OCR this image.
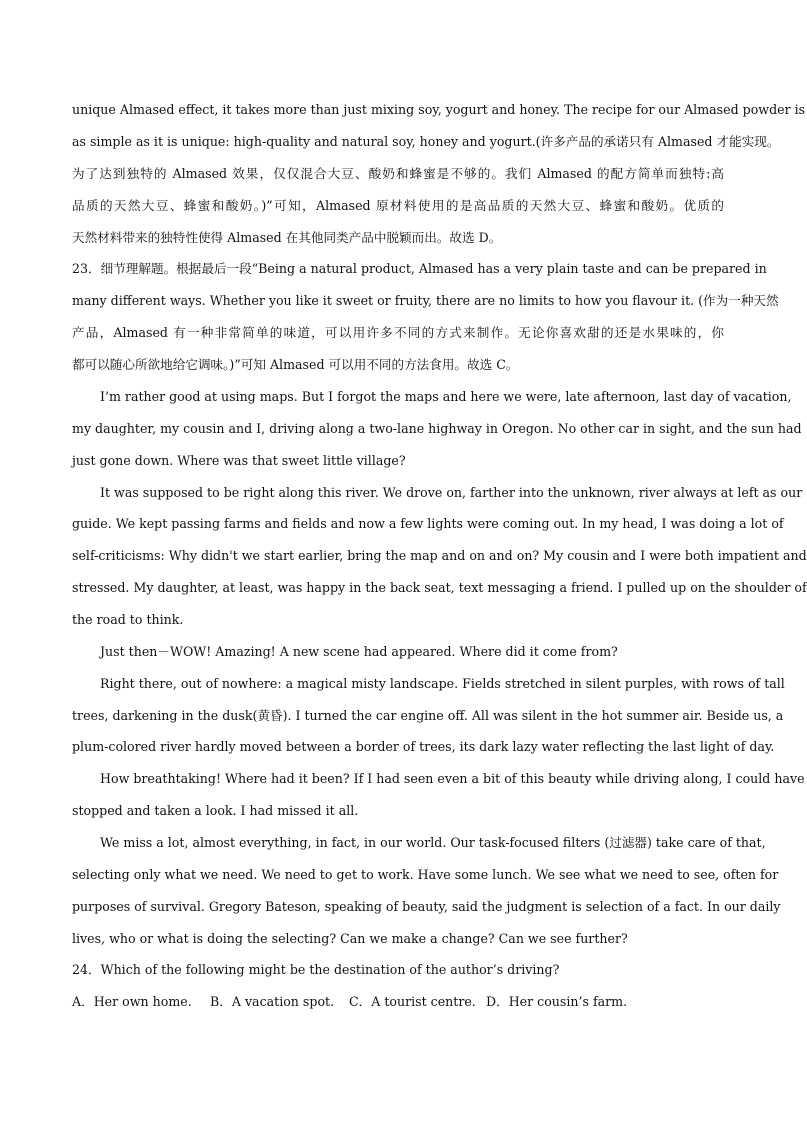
unique Almased effect, it takes more than just mixing soy, yogurt and honey. The recipe for our Almased powder is
as simple as it is unique: high-quality and natural soy, honey and yogurt.(许多产品的承诺只有 Almased 才能实现。
为了达到独特的 Almased 效果，仅仅混合大豆、酸奶和蜂蜜是不够的。我们 Almased 的配方简单而独特:高
品质的天然大豆、蜂蜜和酸奶。)”可知，Almased 原材料使用的是高品质的天然大豆、蜂蜜和酸奶。优质的
天然材料带来的独特性使得 Almased 在其他同类产品中脱颖而出。故选 D。
23．细节理解题。根据最后一段“Being a natural product, Almased has a very plain taste and can be prepared in
many different ways. Whether you like it sweet or fruity, there are no limits to how you flavour it. (作为一种天然
产品，Almased 有一种非常简单的味道，可以用许多不同的方式来制作。无论你喜欢甜的还是水果味的，你
都可以随心所欲地给它调味。)”可知 Almased 可以用不同的方法食用。故选 C。
I’m rather good at using maps. But I forgot the maps and here we were, late afternoon, last day of vacation,
my daughter, my cousin and I, driving along a two-lane highway in Oregon. No other car in sight, and the sun had
just gone down. Where was that sweet little village?
It was supposed to be right along this river. We drove on, farther into the unknown, river always at left as our
guide. We kept passing farms and fields and now a few lights were coming out. In my head, I was doing a lot of
self-criticisms: Why didn't we start earlier, bring the map and on and on? My cousin and I were both impatient and
stressed. My daughter, at least, was happy in the back seat, text messaging a friend. I pulled up on the shoulder of
the road to think.
Just then－WOW! Amazing! A new scene had appeared. Where did it come from?
Right there, out of nowhere: a magical misty landscape. Fields stretched in silent purples, with rows of tall
trees, darkening in the dusk(黄昏). I turned the car engine off. All was silent in the hot summer air. Beside us, a
plum-colored river hardly moved between a border of trees, its dark lazy water reflecting the last light of day.
How breathtaking! Where had it been? If I had seen even a bit of this beauty while driving along, I could have
stopped and taken a look. I had missed it all.
We miss a lot, almost everything, in fact, in our world. Our task-focused filters (过滤器) take care of that,
selecting only what we need. We need to get to work. Have some lunch. We see what we need to see, often for
purposes of survival. Gregory Bateson, speaking of beauty, said the judgment is selection of a fact. In our daily
lives, who or what is doing the selecting? Can we make a change? Can we see further?
24．Which of the following might be the destination of the author’s driving?
A．Her own home. B．A vacation spot. C．A tourist centre. D．Her cousin’s farm.
